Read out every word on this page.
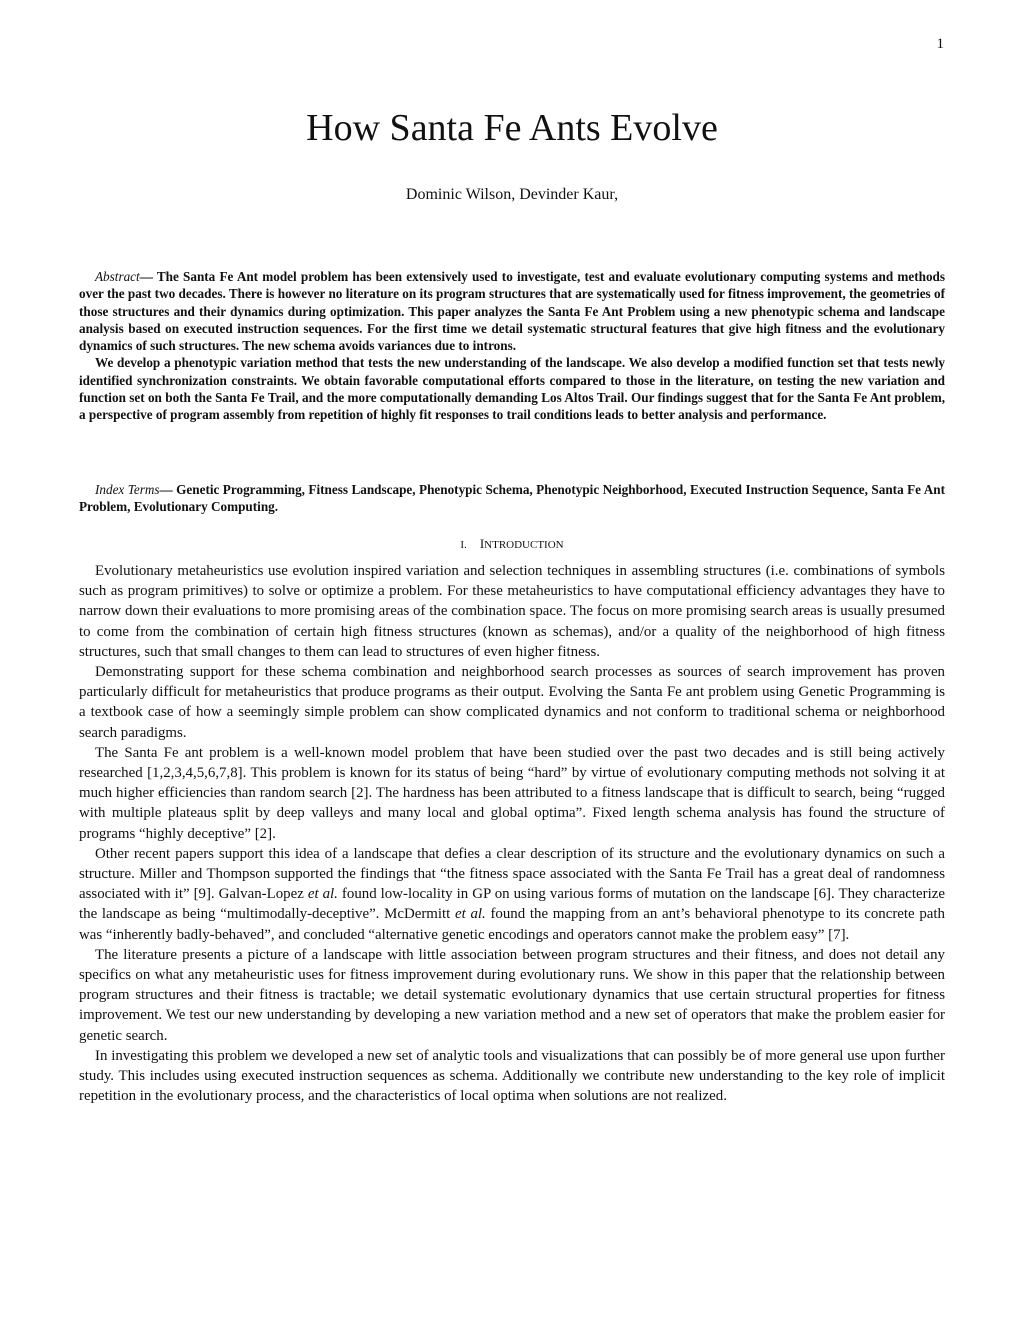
1
How Santa Fe Ants Evolve
Dominic Wilson, Devinder Kaur,

Abstract— The Santa Fe Ant model problem has been extensively used to investigate, test and evaluate evolutionary computing systems and methods over the past two decades. There is however no literature on its program structures that are systematically used for fitness improvement, the geometries of those structures and their dynamics during optimization. This paper analyzes the Santa Fe Ant Problem using a new phenotypic schema and landscape analysis based on executed instruction sequences. For the first time we detail systematic structural features that give high fitness and the evolutionary dynamics of such structures. The new schema avoids variances due to introns.

We develop a phenotypic variation method that tests the new understanding of the landscape. We also develop a modified function set that tests newly identified synchronization constraints. We obtain favorable computational efforts compared to those in the literature, on testing the new variation and function set on both the Santa Fe Trail, and the more computationally demanding Los Altos Trail. Our findings suggest that for the Santa Fe Ant problem, a perspective of program assembly from repetition of highly fit responses to trail conditions leads to better analysis and performance.

Index Terms— Genetic Programming, Fitness Landscape, Phenotypic Schema, Phenotypic Neighborhood, Executed Instruction Sequence, Santa Fe Ant Problem, Evolutionary Computing.

I. INTRODUCTION

Evolutionary metaheuristics use evolution inspired variation and selection techniques in assembling structures (i.e. combinations of symbols such as program primitives) to solve or optimize a problem. For these metaheuristics to have computational efficiency advantages they have to narrow down their evaluations to more promising areas of the combination space. The focus on more promising search areas is usually presumed to come from the combination of certain high fitness structures (known as schemas), and/or a quality of the neighborhood of high fitness structures, such that small changes to them can lead to structures of even higher fitness.

Demonstrating support for these schema combination and neighborhood search processes as sources of search improvement has proven particularly difficult for metaheuristics that produce programs as their output. Evolving the Santa Fe ant problem using Genetic Programming is a textbook case of how a seemingly simple problem can show complicated dynamics and not conform to traditional schema or neighborhood search paradigms.

The Santa Fe ant problem is a well-known model problem that have been studied over the past two decades and is still being actively researched [1,2,3,4,5,6,7,8]. This problem is known for its status of being “hard” by virtue of evolutionary computing methods not solving it at much higher efficiencies than random search [2]. The hardness has been attributed to a fitness landscape that is difficult to search, being “rugged with multiple plateaus split by deep valleys and many local and global optima”. Fixed length schema analysis has found the structure of programs “highly deceptive” [2].

Other recent papers support this idea of a landscape that defies a clear description of its structure and the evolutionary dynamics on such a structure. Miller and Thompson supported the findings that “the fitness space associated with the Santa Fe Trail has a great deal of randomness associated with it” [9]. Galvan-Lopez et al. found low-locality in GP on using various forms of mutation on the landscape [6]. They characterize the landscape as being “multimodally-deceptive”. McDermitt et al. found the mapping from an ant’s behavioral phenotype to its concrete path was “inherently badly-behaved”, and concluded “alternative genetic encodings and operators cannot make the problem easy” [7].

The literature presents a picture of a landscape with little association between program structures and their fitness, and does not detail any specifics on what any metaheuristic uses for fitness improvement during evolutionary runs. We show in this paper that the relationship between program structures and their fitness is tractable; we detail systematic evolutionary dynamics that use certain structural properties for fitness improvement. We test our new understanding by developing a new variation method and a new set of operators that make the problem easier for genetic search.

In investigating this problem we developed a new set of analytic tools and visualizations that can possibly be of more general use upon further study. This includes using executed instruction sequences as schema. Additionally we contribute new understanding to the key role of implicit repetition in the evolutionary process, and the characteristics of local optima when solutions are not realized.
